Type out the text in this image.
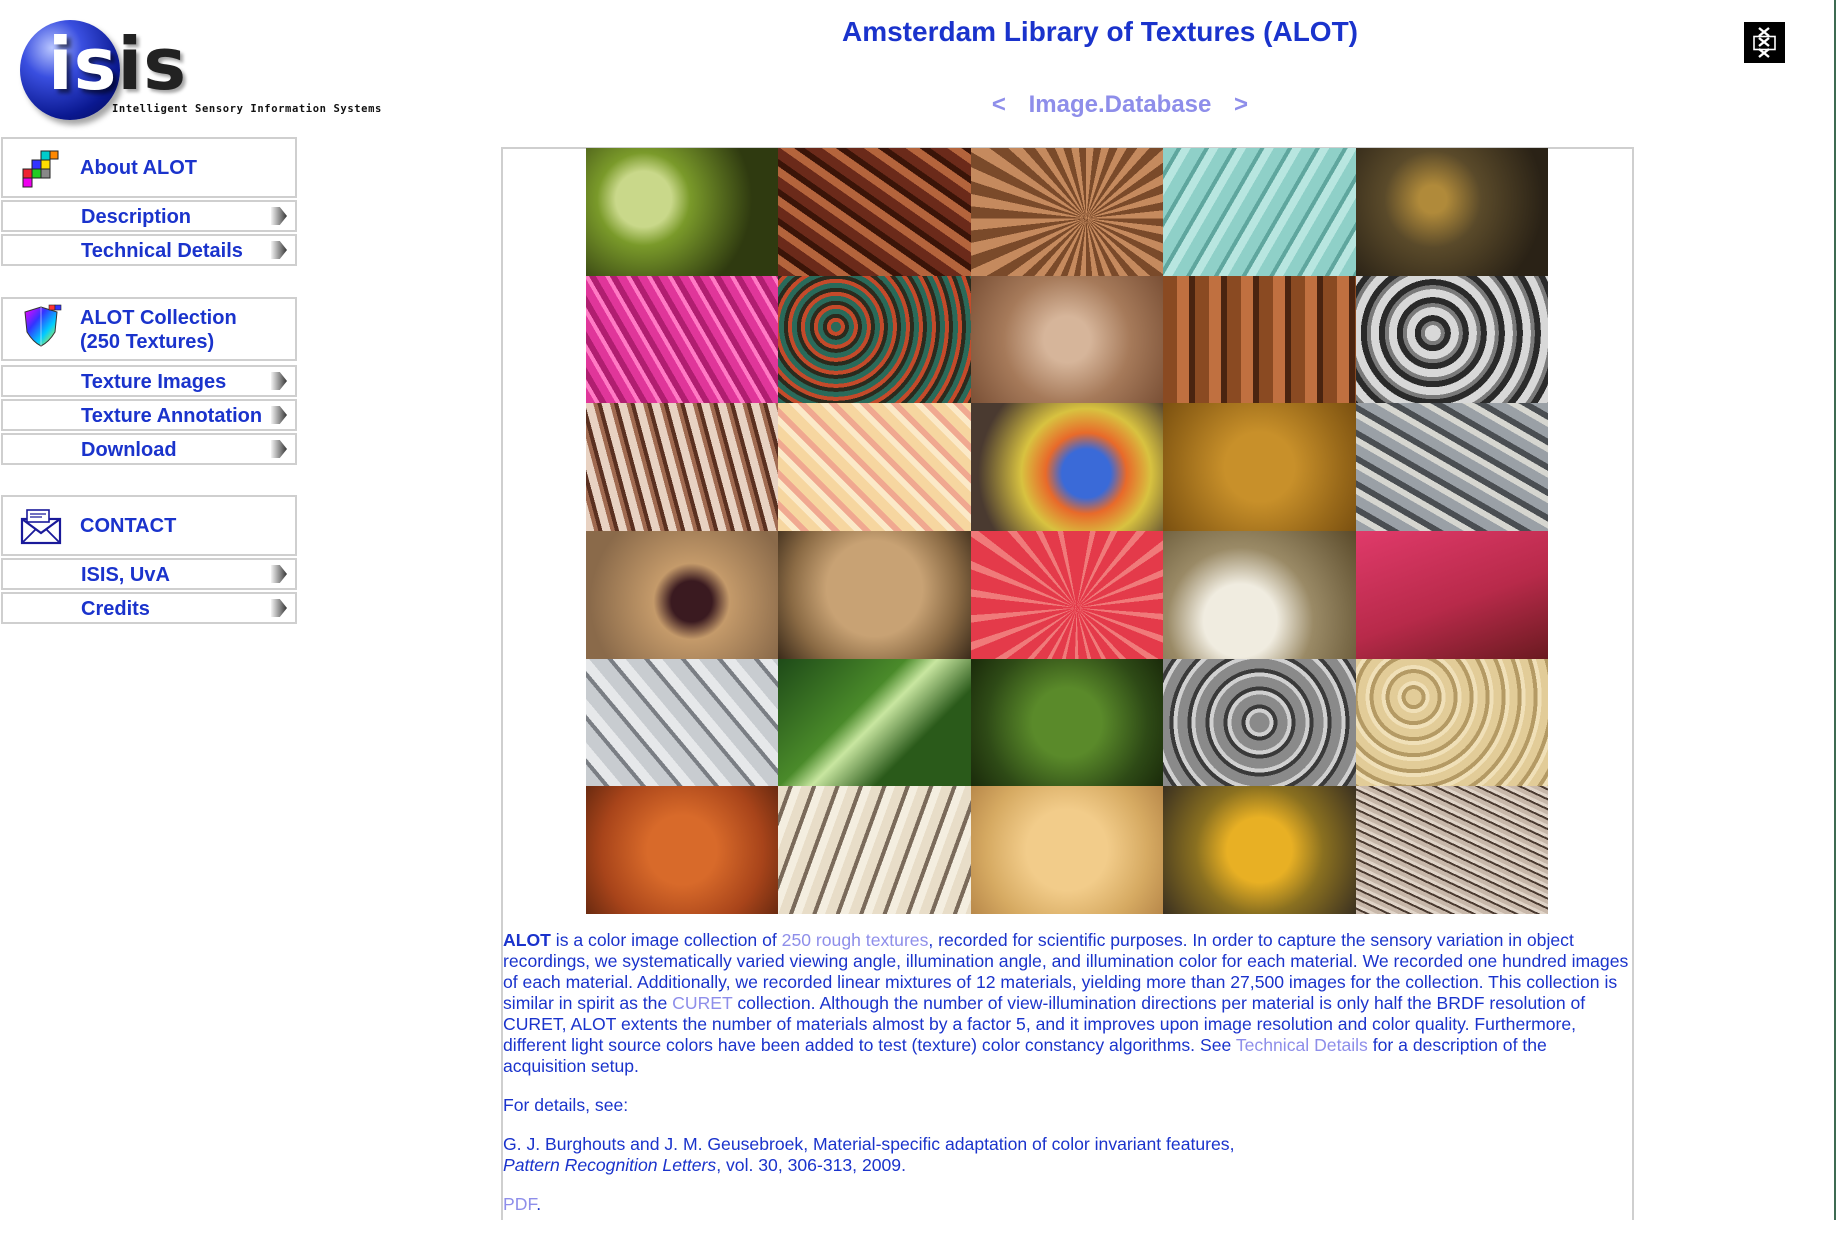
isis
Intelligent Sensory Information Systems
Amsterdam Library of Textures (ALOT)
< Image.Database >
About ALOT
Description
Technical Details
ALOT Collection
(250 Textures)
Texture Images
Texture Annotation
Download
CONTACT
ISIS, UvA
Credits

ALOT is a color image collection of 250 rough textures, recorded for scientific purposes. In order to capture the sensory variation in object recordings, we systematically varied viewing angle, illumination angle, and illumination color for each material. We recorded one hundred images of each material. Additionally, we recorded linear mixtures of 12 materials, yielding more than 27,500 images for the collection. This collection is similar in spirit as the CURET collection. Although the number of view-illumination directions per material is only half the BRDF resolution of CURET, ALOT extents the number of materials almost by a factor 5, and it improves upon image resolution and color quality. Furthermore, different light source colors have been added to test (texture) color constancy algorithms. See Technical Details for a description of the acquisition setup.

For details, see:

G. J. Burghouts and J. M. Geusebroek, Material-specific adaptation of color invariant features,
Pattern Recognition Letters, vol. 30, 306-313, 2009.

PDF.
